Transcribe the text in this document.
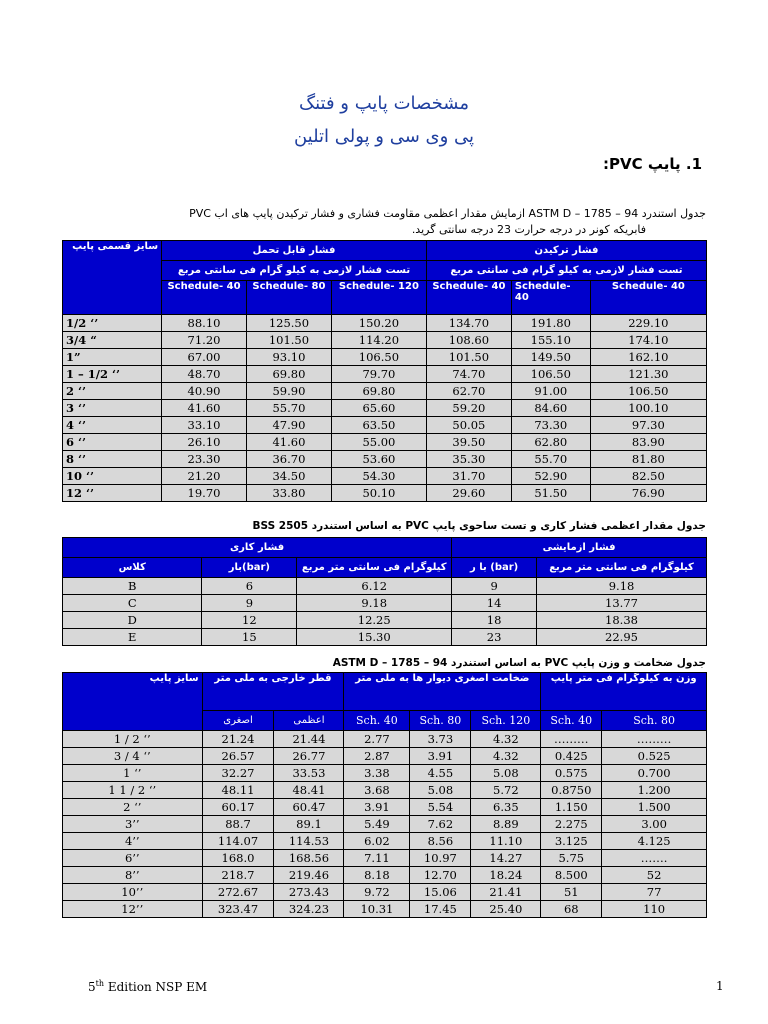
مشخصات پایپ و فتنگ
پی وی سی و پولی اتلین
1. پایپ PVC:
جدول استندرد ASTM D – 1785 – 94 ازمایش مقدار اعظمی مقاومت فشاری و فشار ترکیدن پایپ های اب PVC
فابریکه کونر در درجه حرارت 23 درجه سانتی گرید.
سایز قسمی پایپ	فشار قابل تحمل			فشار ترکیدن		
	تست فشار لازمی به کیلو گرام فی سانتی مربع			تست فشار لازمی به کیلو گرام فی سانتی مربع		
	Schedule- 40	Schedule- 80	Schedule- 120	Schedule- 40	Schedule- 40	Schedule- 40
1/2 ‘’	88.10	125.50	150.20	134.70	191.80	229.10
3/4 “	71.20	101.50	114.20	108.60	155.10	174.10
1”	67.00	93.10	106.50	101.50	149.50	162.10
1 – 1/2 ‘’	48.70	69.80	79.70	74.70	106.50	121.30
2 ‘’	40.90	59.90	69.80	62.70	91.00	106.50
3 ‘’	41.60	55.70	65.60	59.20	84.60	100.10
4 ‘’	33.10	47.90	63.50	50.05	73.30	97.30
6 ‘’	26.10	41.60	55.00	39.50	62.80	83.90
8 ‘’	23.30	36.70	53.60	35.30	55.70	81.80
10 ‘’	21.20	34.50	54.30	31.70	52.90	82.50
12 ‘’	19.70	33.80	50.10	29.60	51.50	76.90
جدول مقدار اعظمی فشار کاری و تست ساحوی پایپ PVC به اساس استندرد BSS 2505
فشار کاری			فشار ازمایشی	
کلاس	بار(bar)	کیلوگرام فی سانتی متر مربع	با ر (bar)	کیلوگرام فی سانتی متر مربع
B	6	6.12	9	9.18
C	9	9.18	14	13.77
D	12	12.25	18	18.38
E	15	15.30	23	22.95
جدول ضخامت و وزن پایپ PVC به اساس استندرد ASTM D – 1785 – 94
سایز پایپ	قطر خارجی به ملی متر		ضخامت اصغری دیوار ها به ملی متر			وزن به کیلوگرام فی متر پایپ	
	اصغری	اعظمی	Sch. 40	Sch. 80	Sch. 120	Sch. 40	Sch. 80
1 / 2 ‘’	21.24	21.44	2.77	3.73	4.32	………	………
3 / 4 ‘’	26.57	26.77	2.87	3.91	4.32	0.425	0.525
1 ‘’	32.27	33.53	3.38	4.55	5.08	0.575	0.700
1 1 / 2 ‘’	48.11	48.41	3.68	5.08	5.72	0.8750	1.200
2 ‘’	60.17	60.47	3.91	5.54	6.35	1.150	1.500
3’’	88.7	89.1	5.49	7.62	8.89	2.275	3.00
4’’	114.07	114.53	6.02	8.56	11.10	3.125	4.125
6’’	168.0	168.56	7.11	10.97	14.27	5.75	…….
8’’	218.7	219.46	8.18	12.70	18.24	8.500	52
10’’	272.67	273.43	9.72	15.06	21.41	51	77
12’’	323.47	324.23	10.31	17.45	25.40	68	110
5th Edition NSP EM	1
